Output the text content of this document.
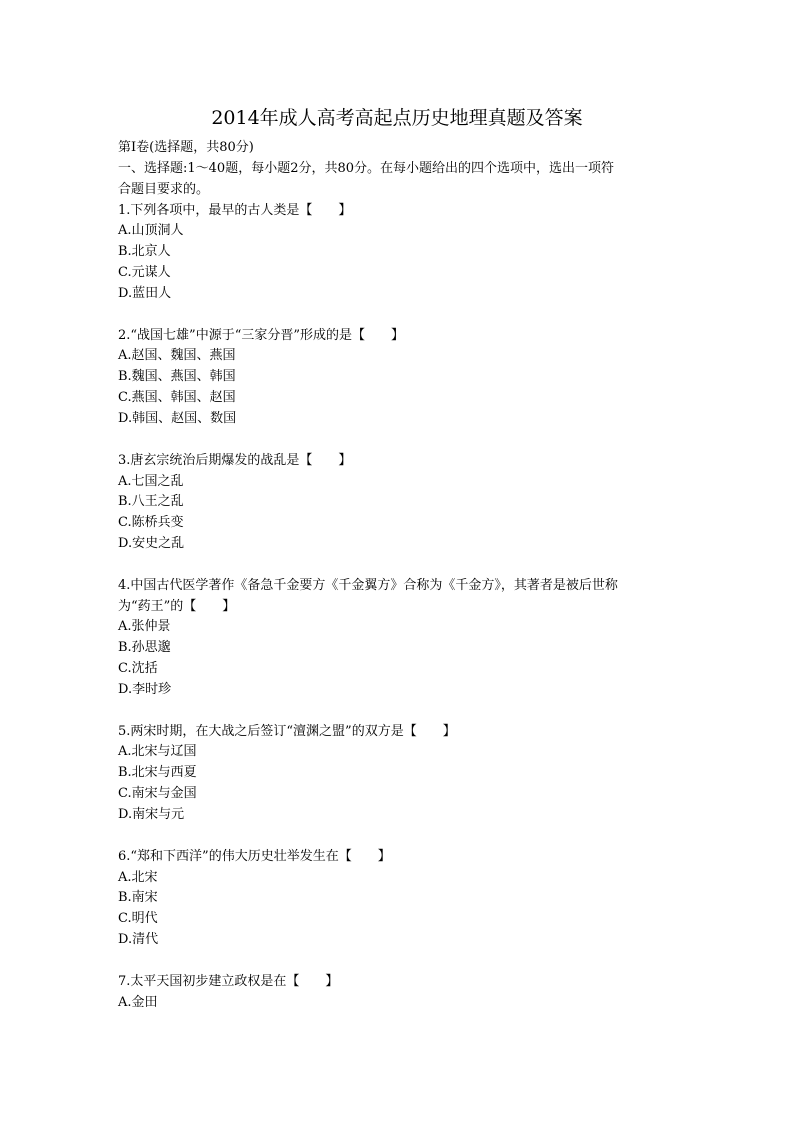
2014年成人高考高起点历史地理真题及答案
第Ⅰ卷(选择题，共80分)
一、选择题:1～40题，每小题2分，共80分。在每小题给出的四个选项中，选出一项符
合题目要求的。
1.下列各项中，最早的古人类是【　　】
A.山顶洞人
B.北京人
C.元谋人
D.蓝田人
2.“战国七雄”中源于“三家分晋”形成的是【　　】
A.赵国、魏国、燕国
B.魏国、燕国、韩国
C.燕国、韩国、赵国
D.韩国、赵国、数国
3.唐玄宗统治后期爆发的战乱是【　　】
A.七国之乱
B.八王之乱
C.陈桥兵变
D.安史之乱
4.中国古代医学著作《备急千金要方《千金翼方》合称为《千金方》，其著者是被后世称
为“药王”的【　　】
A.张仲景
B.孙思邈
C.沈括
D.李时珍
5.两宋时期，在大战之后签订“澶渊之盟”的双方是【　　】
A.北宋与辽国
B.北宋与西夏
C.南宋与金国
D.南宋与元
6.“郑和下西洋”的伟大历史壮举发生在【　　】
A.北宋
B.南宋
C.明代
D.清代
7.太平天国初步建立政权是在【　　】
A.金田
